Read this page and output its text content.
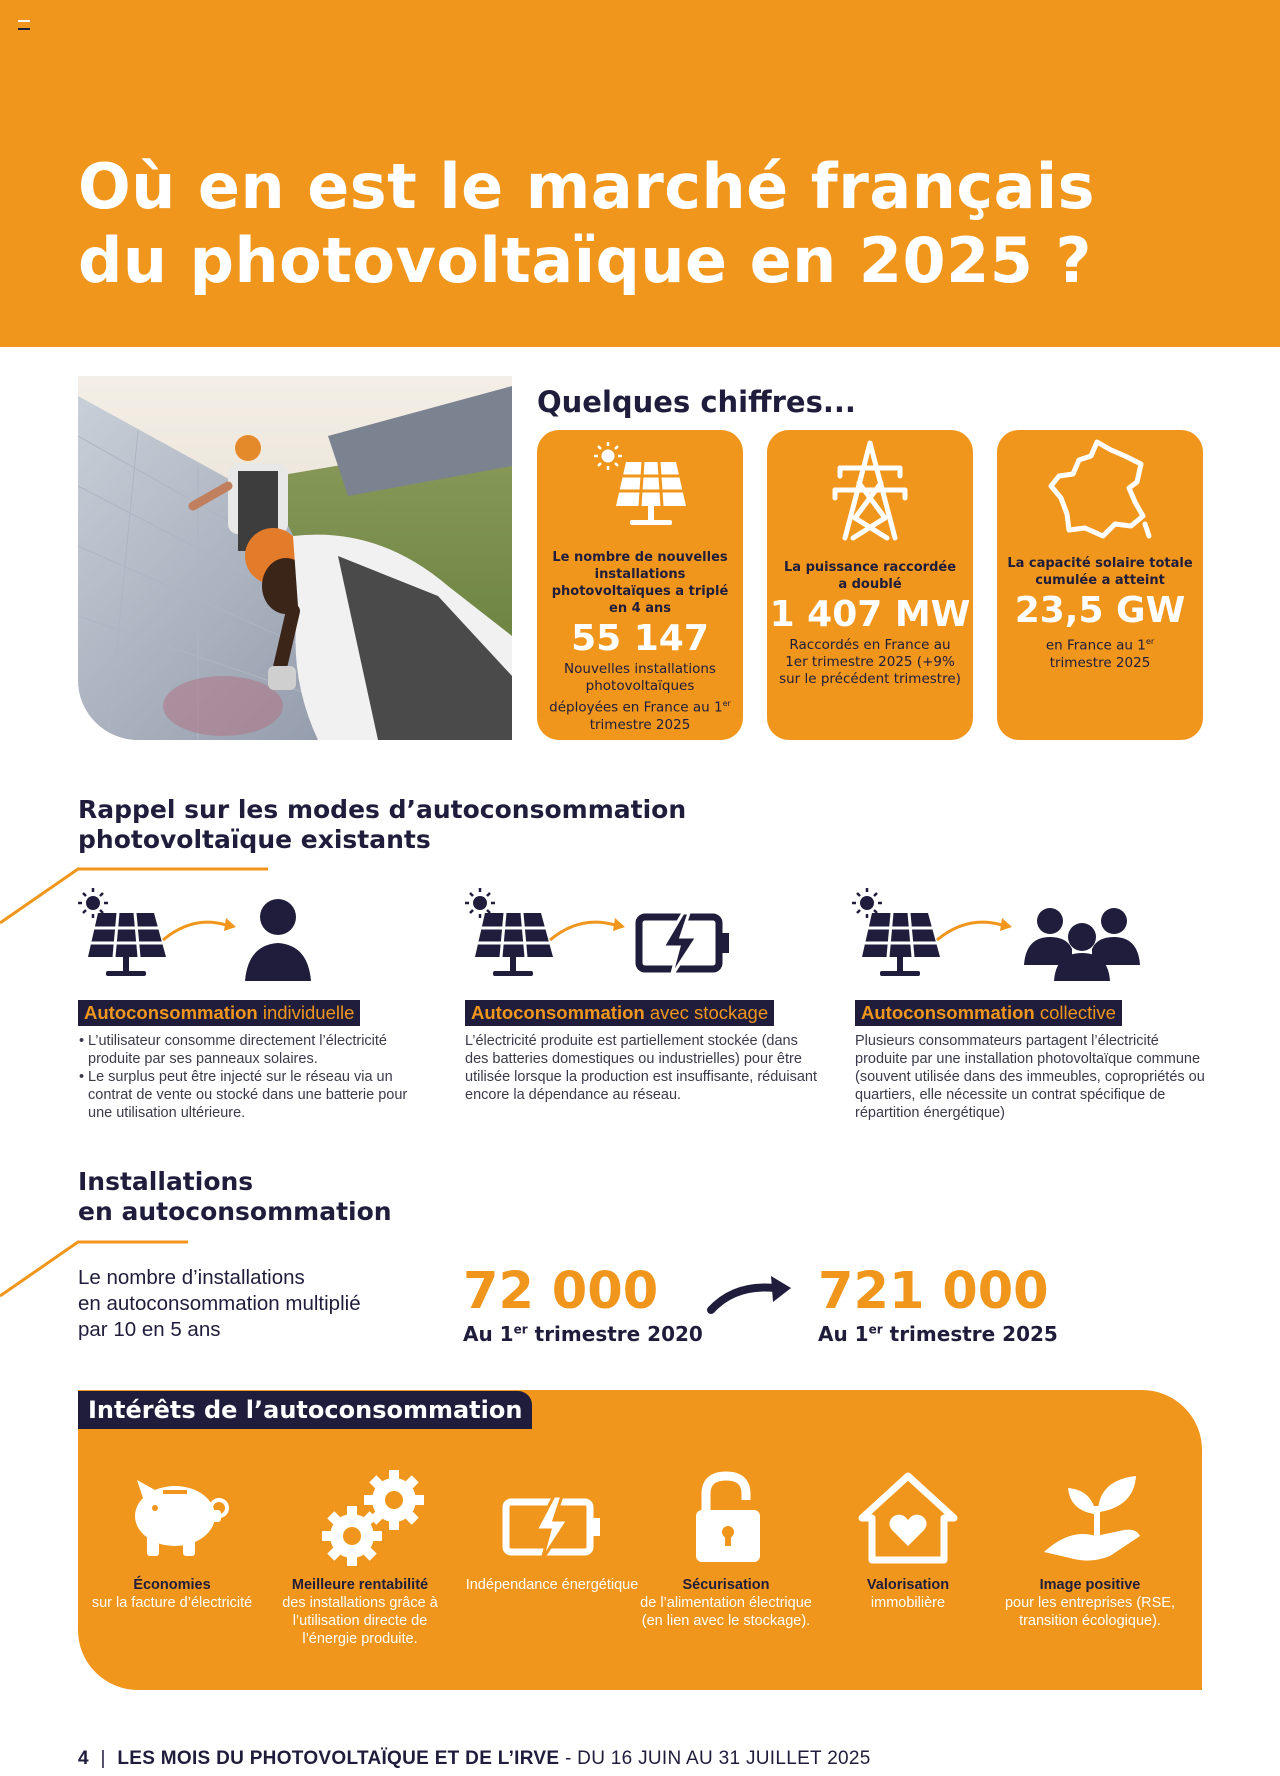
Où en est le marché français
du photovoltaïque en 2025 ?
Quelques chiffres...
Le nombre de nouvelles installations photovoltaïques a triplé en 4 ans
55 147
Nouvelles installations photovoltaïques déployées en France au 1er trimestre 2025
La puissance raccordée a doublé
1 407 MW
Raccordés en France au 1er trimestre 2025 (+9% sur le précédent trimestre)
La capacité solaire totale cumulée a atteint
23,5 GW
en France au 1er trimestre 2025
Rappel sur les modes d’autoconsommation
photovoltaïque existants
Autoconsommation individuelle	Autoconsommation avec stockage	Autoconsommation collective
• L’utilisateur consomme directement l’électricité produite par ses panneaux solaires.
• Le surplus peut être injecté sur le réseau via un contrat de vente ou stocké dans une batterie pour une utilisation ultérieure.
L’électricité produite est partiellement stockée (dans des batteries domestiques ou industrielles) pour être utilisée lorsque la production est insuffisante, réduisant encore la dépendance au réseau.
Plusieurs consommateurs partagent l’électricité produite par une installation photovoltaïque commune (souvent utilisée dans des immeubles, copropriétés ou quartiers, elle nécessite un contrat spécifique de répartition énergétique)
Installations
en autoconsommation
Le nombre d’installations
en autoconsommation multiplié
par 10 en 5 ans
72 000
Au 1er trimestre 2020
721 000
Au 1er trimestre 2025
Intérêts de l’autoconsommation
Économies
sur la facture d’électricité
Meilleure rentabilité
des installations grâce à l’utilisation directe de l’énergie produite.
Indépendance énergétique	Sécurisation
de l’alimentation électrique (en lien avec le stockage).
Valorisation
immobilière
Image positive
pour les entreprises (RSE, transition écologique).
4 | LES MOIS DU PHOTOVOLTAÏQUE ET DE L’IRVE - DU 16 JUIN AU 31 JUILLET 2025
